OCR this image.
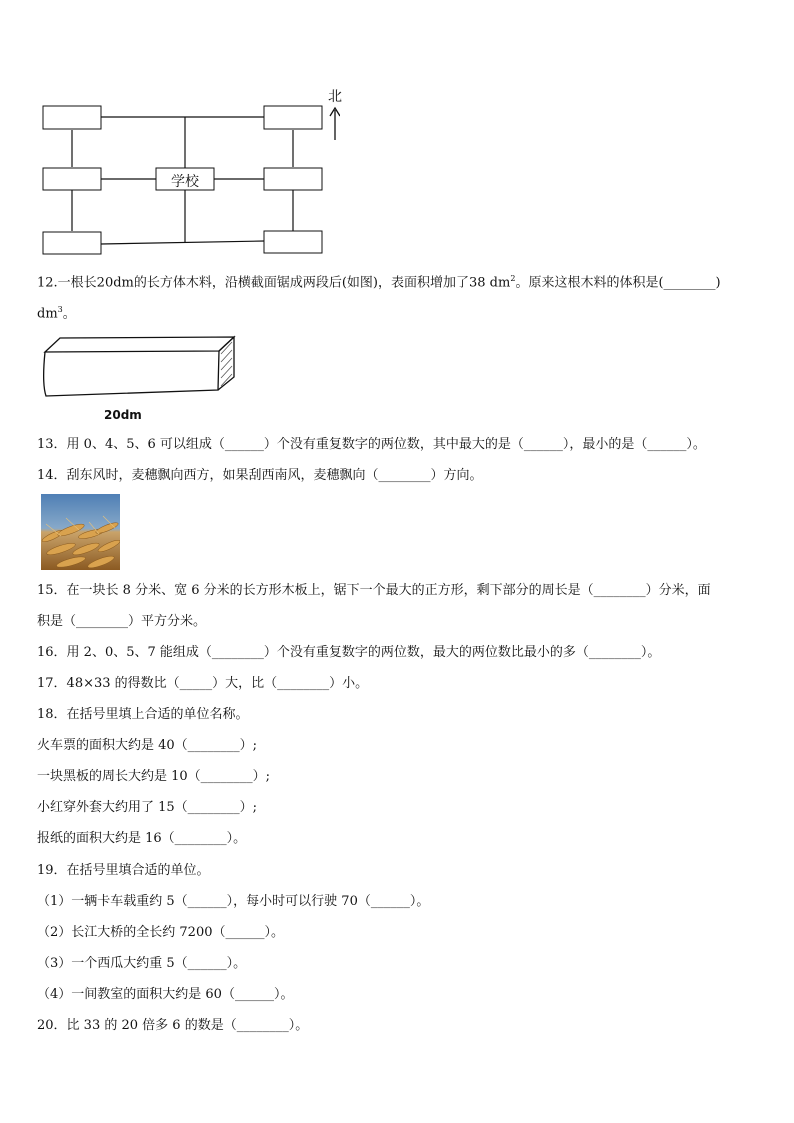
北
学校
12.一根长20dm的长方体木料，沿横截面锯成两段后(如图)，表面积增加了38 $dm^2$。原来这根木料的体积是(________)
$dm^3$。
20dm
13．用 0、4、5、6 可以组成（______）个没有重复数字的两位数，其中最大的是（______），最小的是（______）。
14．刮东风时，麦穗飘向西方，如果刮西南风，麦穗飘向（________）方向。
15．在一块长 8 分米、宽 6 分米的长方形木板上，锯下一个最大的正方形，剩下部分的周长是（________）分米，面
积是（________）平方分米。
16．用 2、0、5、7 能组成（________）个没有重复数字的两位数，最大的两位数比最小的多（________）。
17．48×33 的得数比（_____）大，比（________）小。
18．在括号里填上合适的单位名称。
火车票的面积大约是 40（________）;
一块黑板的周长大约是 10（________）;
小红穿外套大约用了 15（________）;
报纸的面积大约是 16（________）。
19．在括号里填合适的单位。
（1）一辆卡车载重约 5（______），每小时可以行驶 70（______）。
（2）长江大桥的全长约 7200（______）。
（3）一个西瓜大约重 5（______）。
（4）一间教室的面积大约是 60（______）。
20．比 33 的 20 倍多 6 的数是（________）。
